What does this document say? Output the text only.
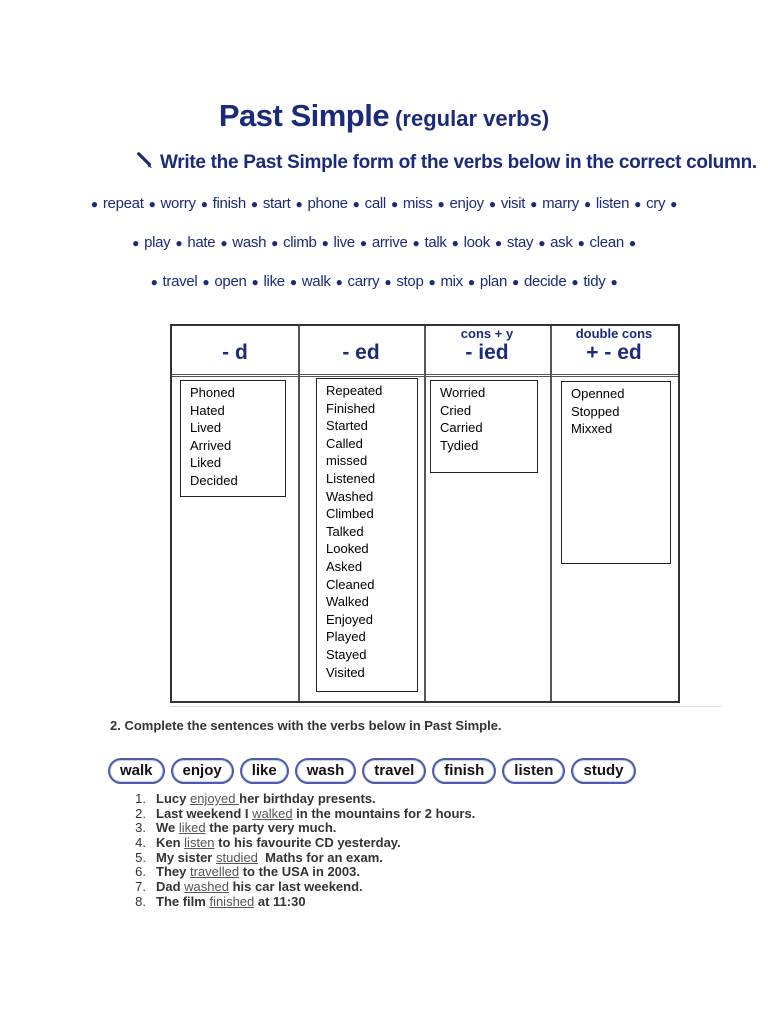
Past Simple (regular verbs)
Write the Past Simple form of the verbs below in the correct column.
● repeat ● worry ● finish ● start ● phone ● call ● miss ● enjoy ● visit ● marry ● listen ● cry ●
● play ● hate ● wash ● climb ● live ● arrive ● talk ● look ● stay ● ask ● clean ●
● travel ● open ● like ● walk ● carry ● stop ● mix ● plan ● decide ● tidy ●
- d
Phoned
Hated
Lived
Arrived
Liked
Decided
- ed
Repeated
Finished
Started
Called
missed
Listened
Washed
Climbed
Talked
Looked
Asked
Cleaned
Walked
Enjoyed
Played
Stayed
Visited
cons + y
- ied
Worried
Cried
Carried
Tydied
double cons
+ - ed
Openned
Stopped
Mixxed
2. Complete the sentences with the verbs below in Past Simple.
walk enjoy like wash travel finish listen study
1. Lucy enjoyed her birthday presents.
2. Last weekend I walked in the mountains for 2 hours.
3. We liked the party very much.
4. Ken listen to his favourite CD yesterday.
5. My sister studied  Maths for an exam.
6. They travelled to the USA in 2003.
7. Dad washed his car last weekend.
8. The film finished at 11:30
